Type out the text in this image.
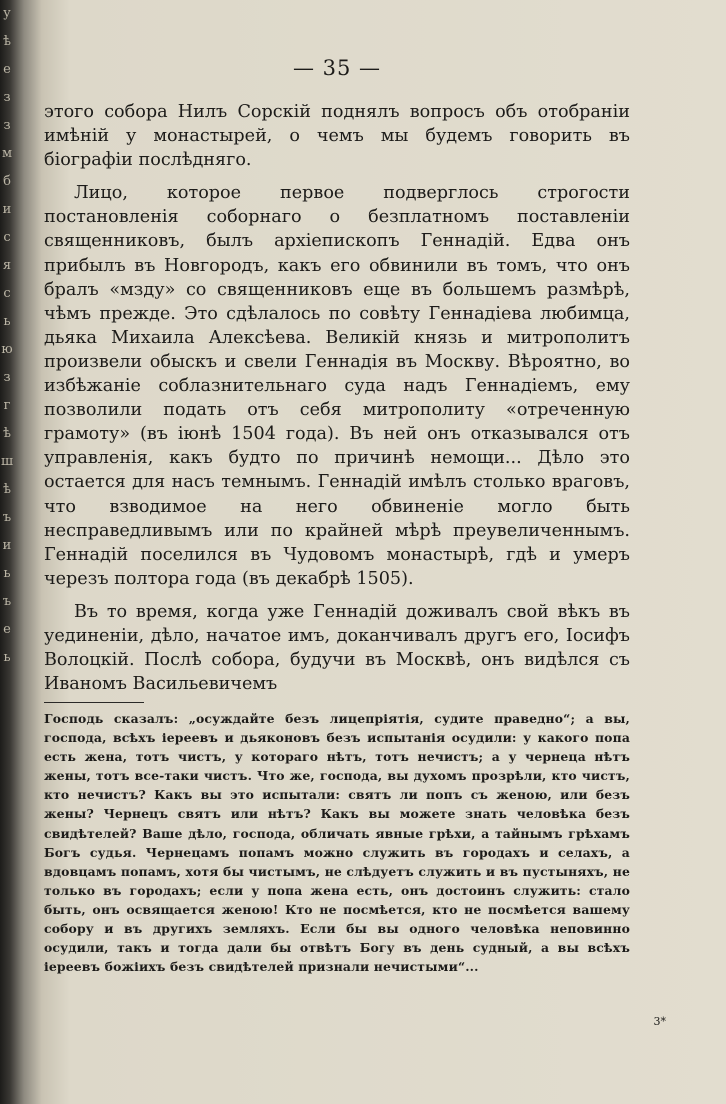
у
ѣ
е
з
з
м
б
и
с
я
с
ь
ю
з
г
ѣ
ш
ѣ
ъ
и
ь
ъ
е
ь
— 35 —

этого собора Нилъ Сорскій поднялъ вопросъ объ отобраніи имѣній у монастырей, о чемъ мы будемъ говорить въ біографіи послѣдняго.

Лицо, которое первое подверглось строгости постановленія соборнаго о безплатномъ поставленіи священниковъ, былъ архіепископъ Геннадій. Едва онъ прибылъ въ Новгородъ, какъ его обвинили въ томъ, что онъ бралъ «мзду» со священниковъ еще въ большемъ размѣрѣ, чѣмъ прежде. Это сдѣлалось по совѣту Геннадіева любимца, дьяка Михаила Алексѣева. Великій князь и митрополитъ произвели обыскъ и свели Геннадія въ Москву. Вѣроятно, во избѣжаніе соблазнительнаго суда надъ Геннадіемъ, ему позволили подать отъ себя митрополиту «отреченную грамоту» (въ іюнѣ 1504 года). Въ ней онъ отказывался отъ управленія, какъ будто по причинѣ немощи... Дѣло это остается для насъ темнымъ. Геннадій имѣлъ столько враговъ, что взводимое на него обвиненіе могло быть несправедливымъ или по крайней мѣрѣ преувеличеннымъ. Геннадій поселился въ Чудовомъ монастырѣ, гдѣ и умеръ черезъ полтора года (въ декабрѣ 1505).

Въ то время, когда уже Геннадій доживалъ свой вѣкъ въ уединеніи, дѣло, начатое имъ, доканчивалъ другъ его, Іосифъ Волоцкій. Послѣ собора, будучи въ Москвѣ, онъ видѣлся съ Иваномъ Васильевичемъ

Господь сказалъ: „осуждайте безъ лицепріятія, судите праведно“; а вы, господа, всѣхъ іереевъ и дьяконовъ безъ испытанія осудили: у какого попа есть жена, тотъ чистъ, у котораго нѣтъ, тотъ нечистъ; а у чернеца нѣтъ жены, тотъ все-таки чистъ. Что же, господа, вы духомъ прозрѣли, кто чистъ, кто нечистъ? Какъ вы это испытали: святъ ли попъ съ женою, или безъ жены? Чернецъ святъ или нѣтъ? Какъ вы можете знать человѣка безъ свидѣтелей? Ваше дѣло, господа, обличать явные грѣхи, а тайнымъ грѣхамъ Богъ судья. Чернецамъ попамъ можно служить въ городахъ и селахъ, а вдовцамъ попамъ, хотя бы чистымъ, не слѣдуетъ служить и въ пустыняхъ, не только въ городахъ; если у попа жена есть, онъ достоинъ служить: стало быть, онъ освящается женою! Кто не посмѣется, кто не посмѣется вашему собору и въ другихъ земляхъ. Если бы вы одного человѣка неповинно осудили, такъ и тогда дали бы отвѣтъ Богу въ день судный, а вы всѣхъ іереевъ божіихъ безъ свидѣтелей признали нечистыми“...

3*
